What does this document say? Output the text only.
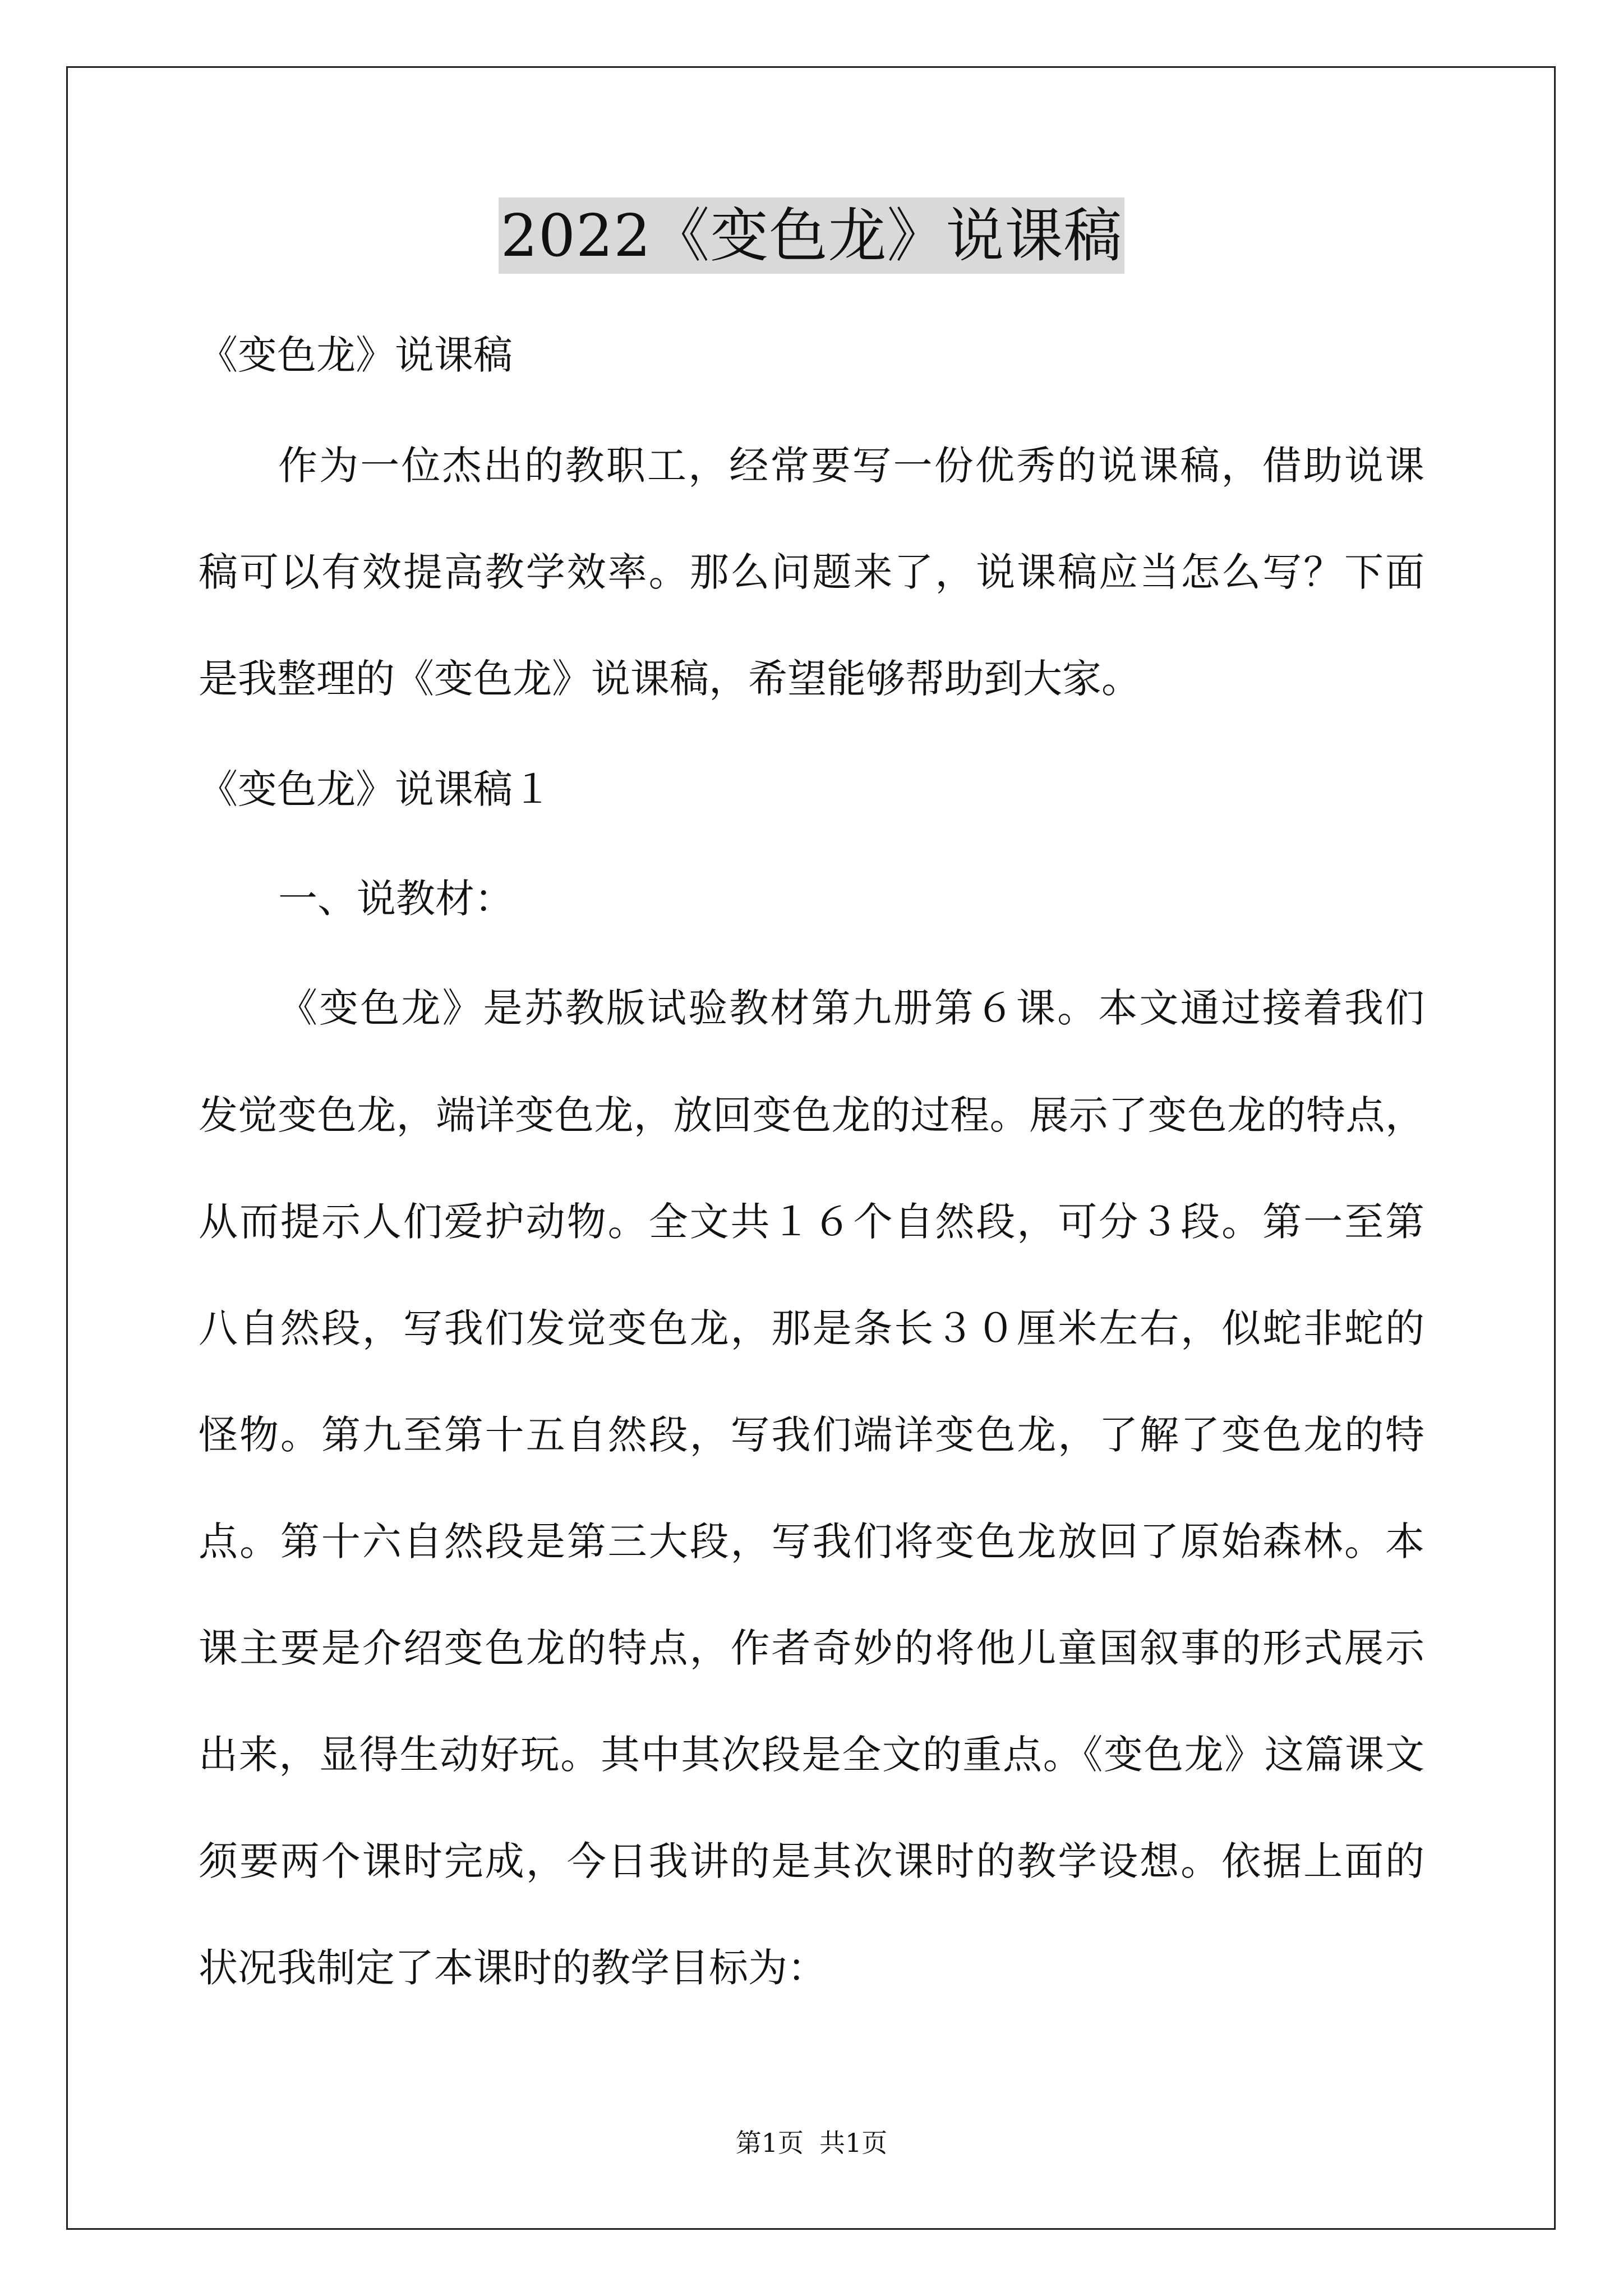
2022《变色龙》说课稿
《变色龙》说课稿
作为一位杰出的教职工，经常要写一份优秀的说课稿，借助说课
稿可以有效提高教学效率。那么问题来了，说课稿应当怎么写？下面
是我整理的《变色龙》说课稿，希望能够帮助到大家。
《变色龙》说课稿１
一、说教材：
《变色龙》是苏教版试验教材第九册第６课。本文通过接着我们
发觉变色龙，端详变色龙，放回变色龙的过程。展示了变色龙的特点，
从而提示人们爱护动物。全文共１６个自然段，可分３段。第一至第
八自然段，写我们发觉变色龙，那是条长３０厘米左右，似蛇非蛇的
怪物。第九至第十五自然段，写我们端详变色龙，了解了变色龙的特
点。第十六自然段是第三大段，写我们将变色龙放回了原始森林。本
课主要是介绍变色龙的特点，作者奇妙的将他儿童国叙事的形式展示
出来，显得生动好玩。其中其次段是全文的重点。《变色龙》这篇课文
须要两个课时完成，今日我讲的是其次课时的教学设想。依据上面的
状况我制定了本课时的教学目标为：
第1页 共1页
